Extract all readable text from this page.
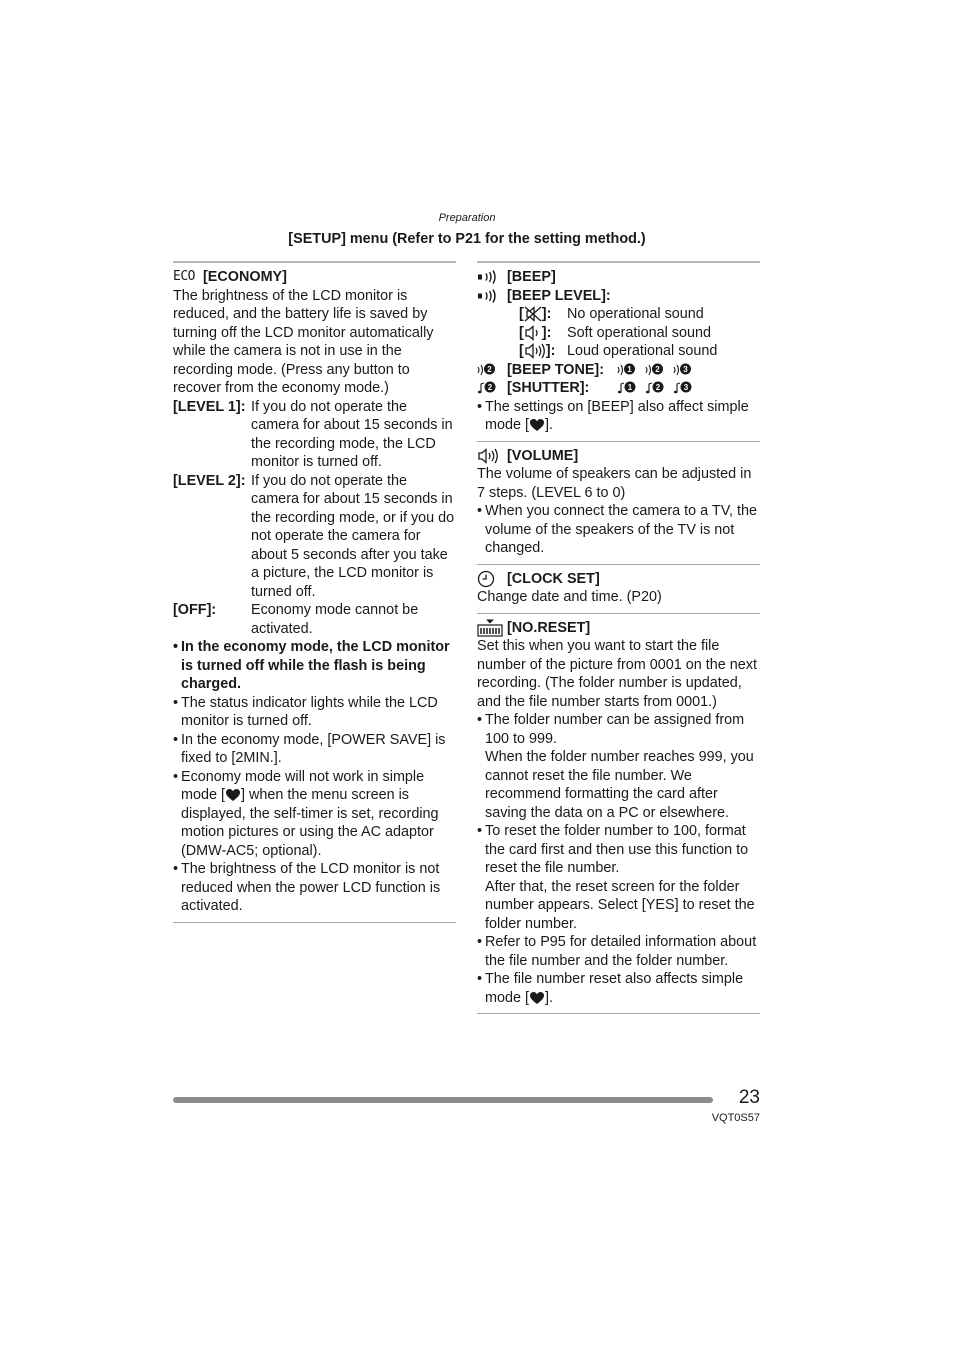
Preparation
[SETUP] menu (Refer to P21 for the setting method.)
ECO [ECONOMY]

The brightness of the LCD monitor is reduced, and the battery life is saved by turning off the LCD monitor automatically while the camera is not in use in the recording mode. (Press any button to recover from the economy mode.)

[LEVEL 1]: If you do not operate the camera for about 15 seconds in the recording mode, the LCD monitor is turned off.
[LEVEL 2]: If you do not operate the camera for about 15 seconds in the recording mode, or if you do not operate the camera for about 5 seconds after you take a picture, the LCD monitor is turned off.
[OFF]:	Economy mode cannot be activated.
• In the economy mode, the LCD monitor is turned off while the flash is being charged.
• The status indicator lights while the LCD monitor is turned off.
• In the economy mode, [POWER SAVE] is fixed to [2MIN.].
• Economy mode will not work in simple mode [ ] when the menu screen is displayed, the self-timer is set, recording motion pictures or using the AC adaptor (DMW-AC5; optional).
• The brightness of the LCD monitor is not reduced when the power LCD function is activated.
[BEEP]
[BEEP LEVEL]:
[ ]: No operational sound
[ ]: Soft operational sound
[ ]: Loud operational sound
2 [BEEP TONE]:	1	2	3
2 [SHUTTER]:	1	2	3
• The settings on [BEEP] also affect simple mode [ ].
[VOLUME]

The volume of speakers can be adjusted in 7 steps. (LEVEL 6 to 0)

• When you connect the camera to a TV, the volume of the speakers of the TV is not changed.
[CLOCK SET]

Change date and time. (P20)

[NO.RESET]

Set this when you want to start the file number of the picture from 0001 on the next recording. (The folder number is updated, and the file number starts from 0001.)

• The folder number can be assigned from 100 to 999.
When the folder number reaches 999, you cannot reset the file number. We recommend formatting the card after saving the data on a PC or elsewhere.
• To reset the folder number to 100, format the card first and then use this function to reset the file number.
After that, the reset screen for the folder number appears. Select [YES] to reset the folder number.
• Refer to P95 for detailed information about the file number and the folder number.
• The file number reset also affects simple mode [ ].
23
VQT0S57
